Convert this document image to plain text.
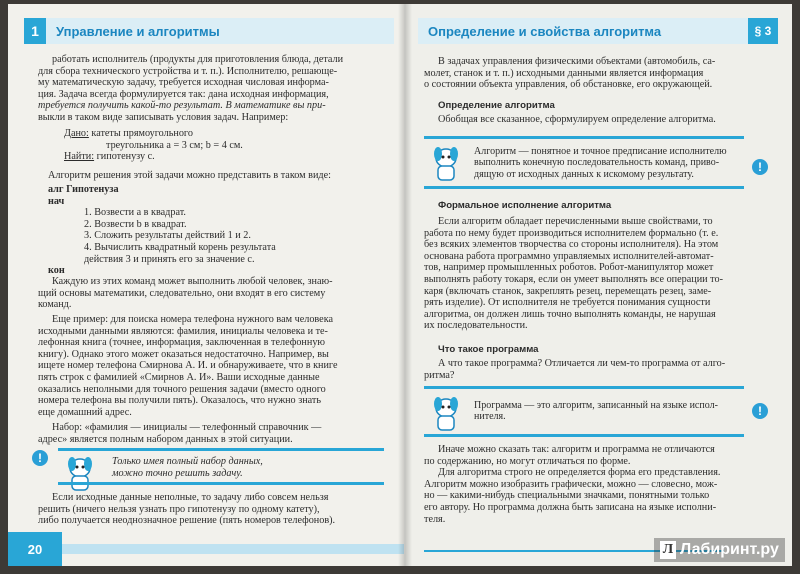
1	Управление и алгоритмы

работать исполнитель (продукты для приготовления блюда, детали

для сбора технического устройства и т. п.). Исполнителю, решающе-

му математическую задачу, требуется исходная числовая информа-

ция. Задача всегда формулируется так: дана исходная информация,

требуется получить какой-то результат. В математике вы при-

выкли в таком виде записывать условия задач. Например:

Дано: катеты прямоугольного

треугольника a = 3 см; b = 4 см.

Найти: гипотенузу c.

Алгоритм решения этой задачи можно представить в таком виде:

алг Гипотенуза

нач

1. Возвести a в квадрат.

2. Возвести b в квадрат.

3. Сложить результаты действий 1 и 2.

4. Вычислить квадратный корень результата

действия 3 и принять его за значение c.

кон

Каждую из этих команд может выполнить любой человек, знаю-

щий основы математики, следовательно, они входят в его систему

команд.

Еще пример: для поиска номера телефона нужного вам человека

исходными данными являются: фамилия, инициалы человека и те-

лефонная книга (точнее, информация, заключенная в телефонную

книгу). Однако этого может оказаться недостаточно. Например, вы

ищете номер телефона Смирнова А. И. и обнаруживаете, что в книге

пять строк с фамилией «Смирнов А. И». Ваши исходные данные

оказались неполными для точного решения задачи (вместо одного

номера телефона вы получили пять). Оказалось, что нужно знать

еще домашний адрес.

Набор: «фамилия — инициалы — телефонный справочник —

адрес» является полным набором данных в этой ситуации.

!	Только имея полный набор данных,

можно точно решить задачу.

Если исходные данные неполные, то задачу либо совсем нельзя

решить (ничего нельзя узнать про гипотенузу по одному катету),

либо получается неоднозначное решение (пять номеров телефонов).

20
Определение и свойства алгоритма	§ 3

В задачах управления физическими объектами (автомобиль, са-

молет, станок и т. п.) исходными данными является информация

о состоянии объекта управления, об обстановке, его окружающей.

Определение алгоритма
Обобщая все сказанное, сформулируем определение алгоритма.

Алгоритм — понятное и точное предписание исполнителю

выполнить конечную последовательность команд, приво-

дящую от исходных данных к искомому результату.

!
Формальное исполнение алгоритма

Если алгоритм обладает перечисленными выше свойствами, то

работа по нему будет производиться исполнителем формально (т. е.

без всяких элементов творчества со стороны исполнителя). На этом

основана работа программно управляемых исполнителей-автомат-

тов, например промышленных роботов. Робот-манипулятор может

выполнять работу токаря, если он умеет выполнять все операции то-

каря (включать станок, закреплять резец, перемещать резец, заме-

рять изделие). От исполнителя не требуется понимания сущности

алгоритма, он должен лишь точно выполнять команды, не нарушая

их последовательности.

Что такое программа

А что такое программа? Отличается ли чем-то программа от алго-

ритма?

Программа — это алгоритм, записанный на языке испол-

нителя.	!

Иначе можно сказать так: алгоритм и программа не отличаются

по содержанию, но могут отличаться по форме.

Для алгоритма строго не определяется форма его представления.

Алгоритм можно изобразить графически, можно — словесно, мож-

но — какими-нибудь специальными значками, понятными только

его автору. Но программа должна быть записана на языке исполни-

теля.

Л Лабиринт.ру
